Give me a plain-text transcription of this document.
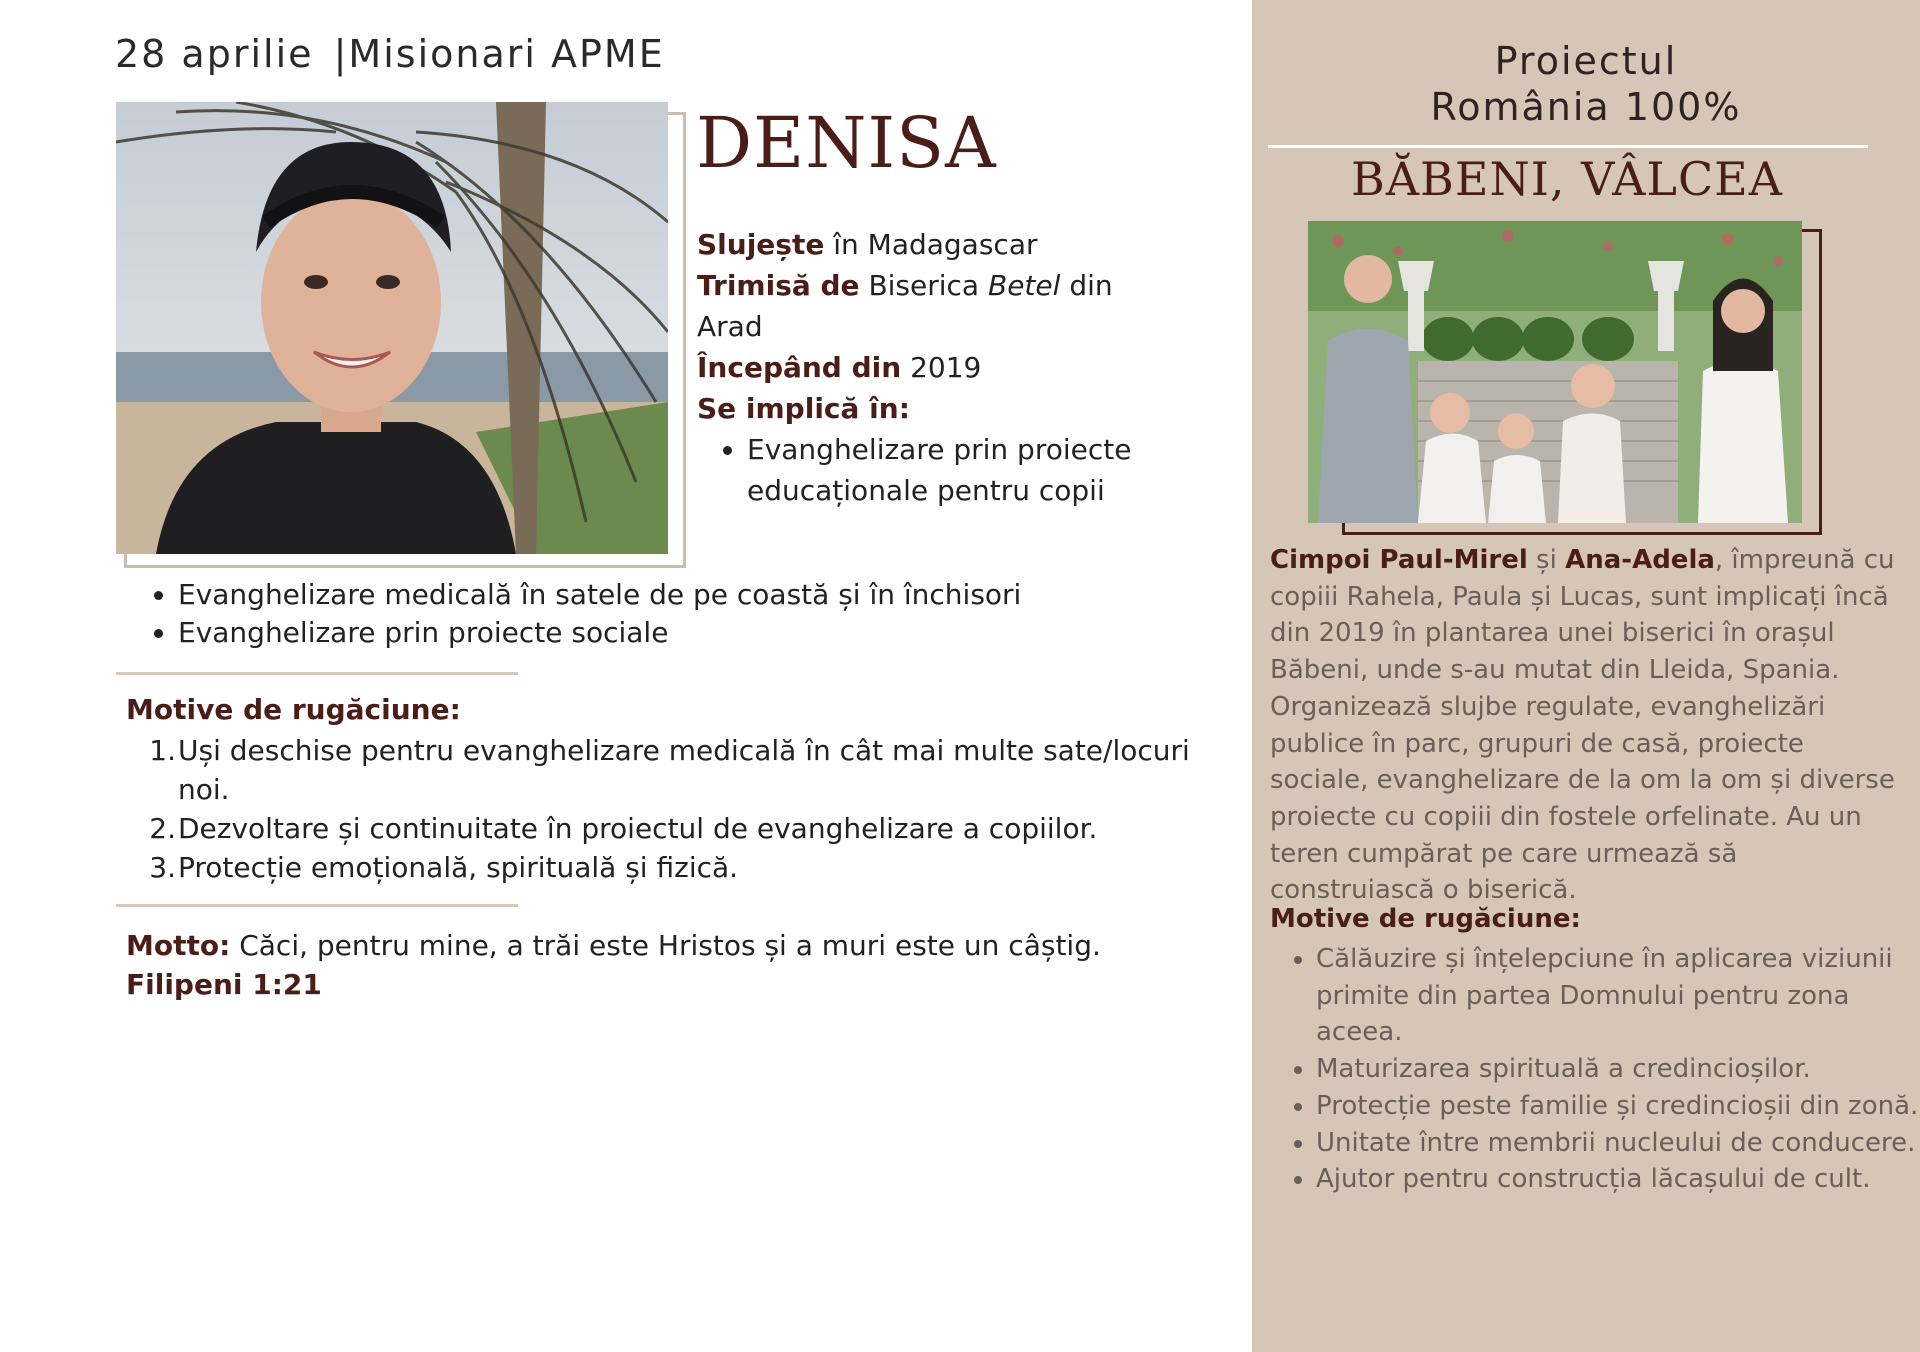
28 aprilie |Misionari APME
DENISA

Slujește în Madagascar

Trimisă de Biserica Betel din Arad

Începând din 2019

Se implică în:

• Evanghelizare prin proiecte educaționale pentru copii
• Evanghelizare medicală în satele de pe coastă și în închisori
• Evanghelizare prin proiecte sociale
Motive de rugăciune:
1. Uși deschise pentru evanghelizare medicală în cât mai multe sate/locuri noi.
2. Dezvoltare și continuitate în proiectul de evanghelizare a copiilor.
3. Protecție emoțională, spirituală și fizică.
Motto: Căci, pentru mine, a trăi este Hristos și a muri este un câștig.
Filipeni 1:21
Proiectul
România 100%
BĂBENI, VÂLCEA
Cimpoi Paul-Mirel și Ana-Adela, împreună cu copiii Rahela, Paula și Lucas, sunt implicați încă din 2019 în plantarea unei biserici în orașul Băbeni, unde s-au mutat din Lleida, Spania. Organizează slujbe regulate, evanghelizări publice în parc, grupuri de casă, proiecte sociale, evanghelizare de la om la om și diverse proiecte cu copiii din fostele orfelinate. Au un teren cumpărat pe care urmează să construiască o biserică.
Motive de rugăciune:
• Călăuzire și înțelepciune în aplicarea viziunii primite din partea Domnului pentru zona aceea.
• Maturizarea spirituală a credincioșilor.
• Protecție peste familie și credincioșii din zonă.
• Unitate între membrii nucleului de conducere.
• Ajutor pentru construcția lăcașului de cult.
